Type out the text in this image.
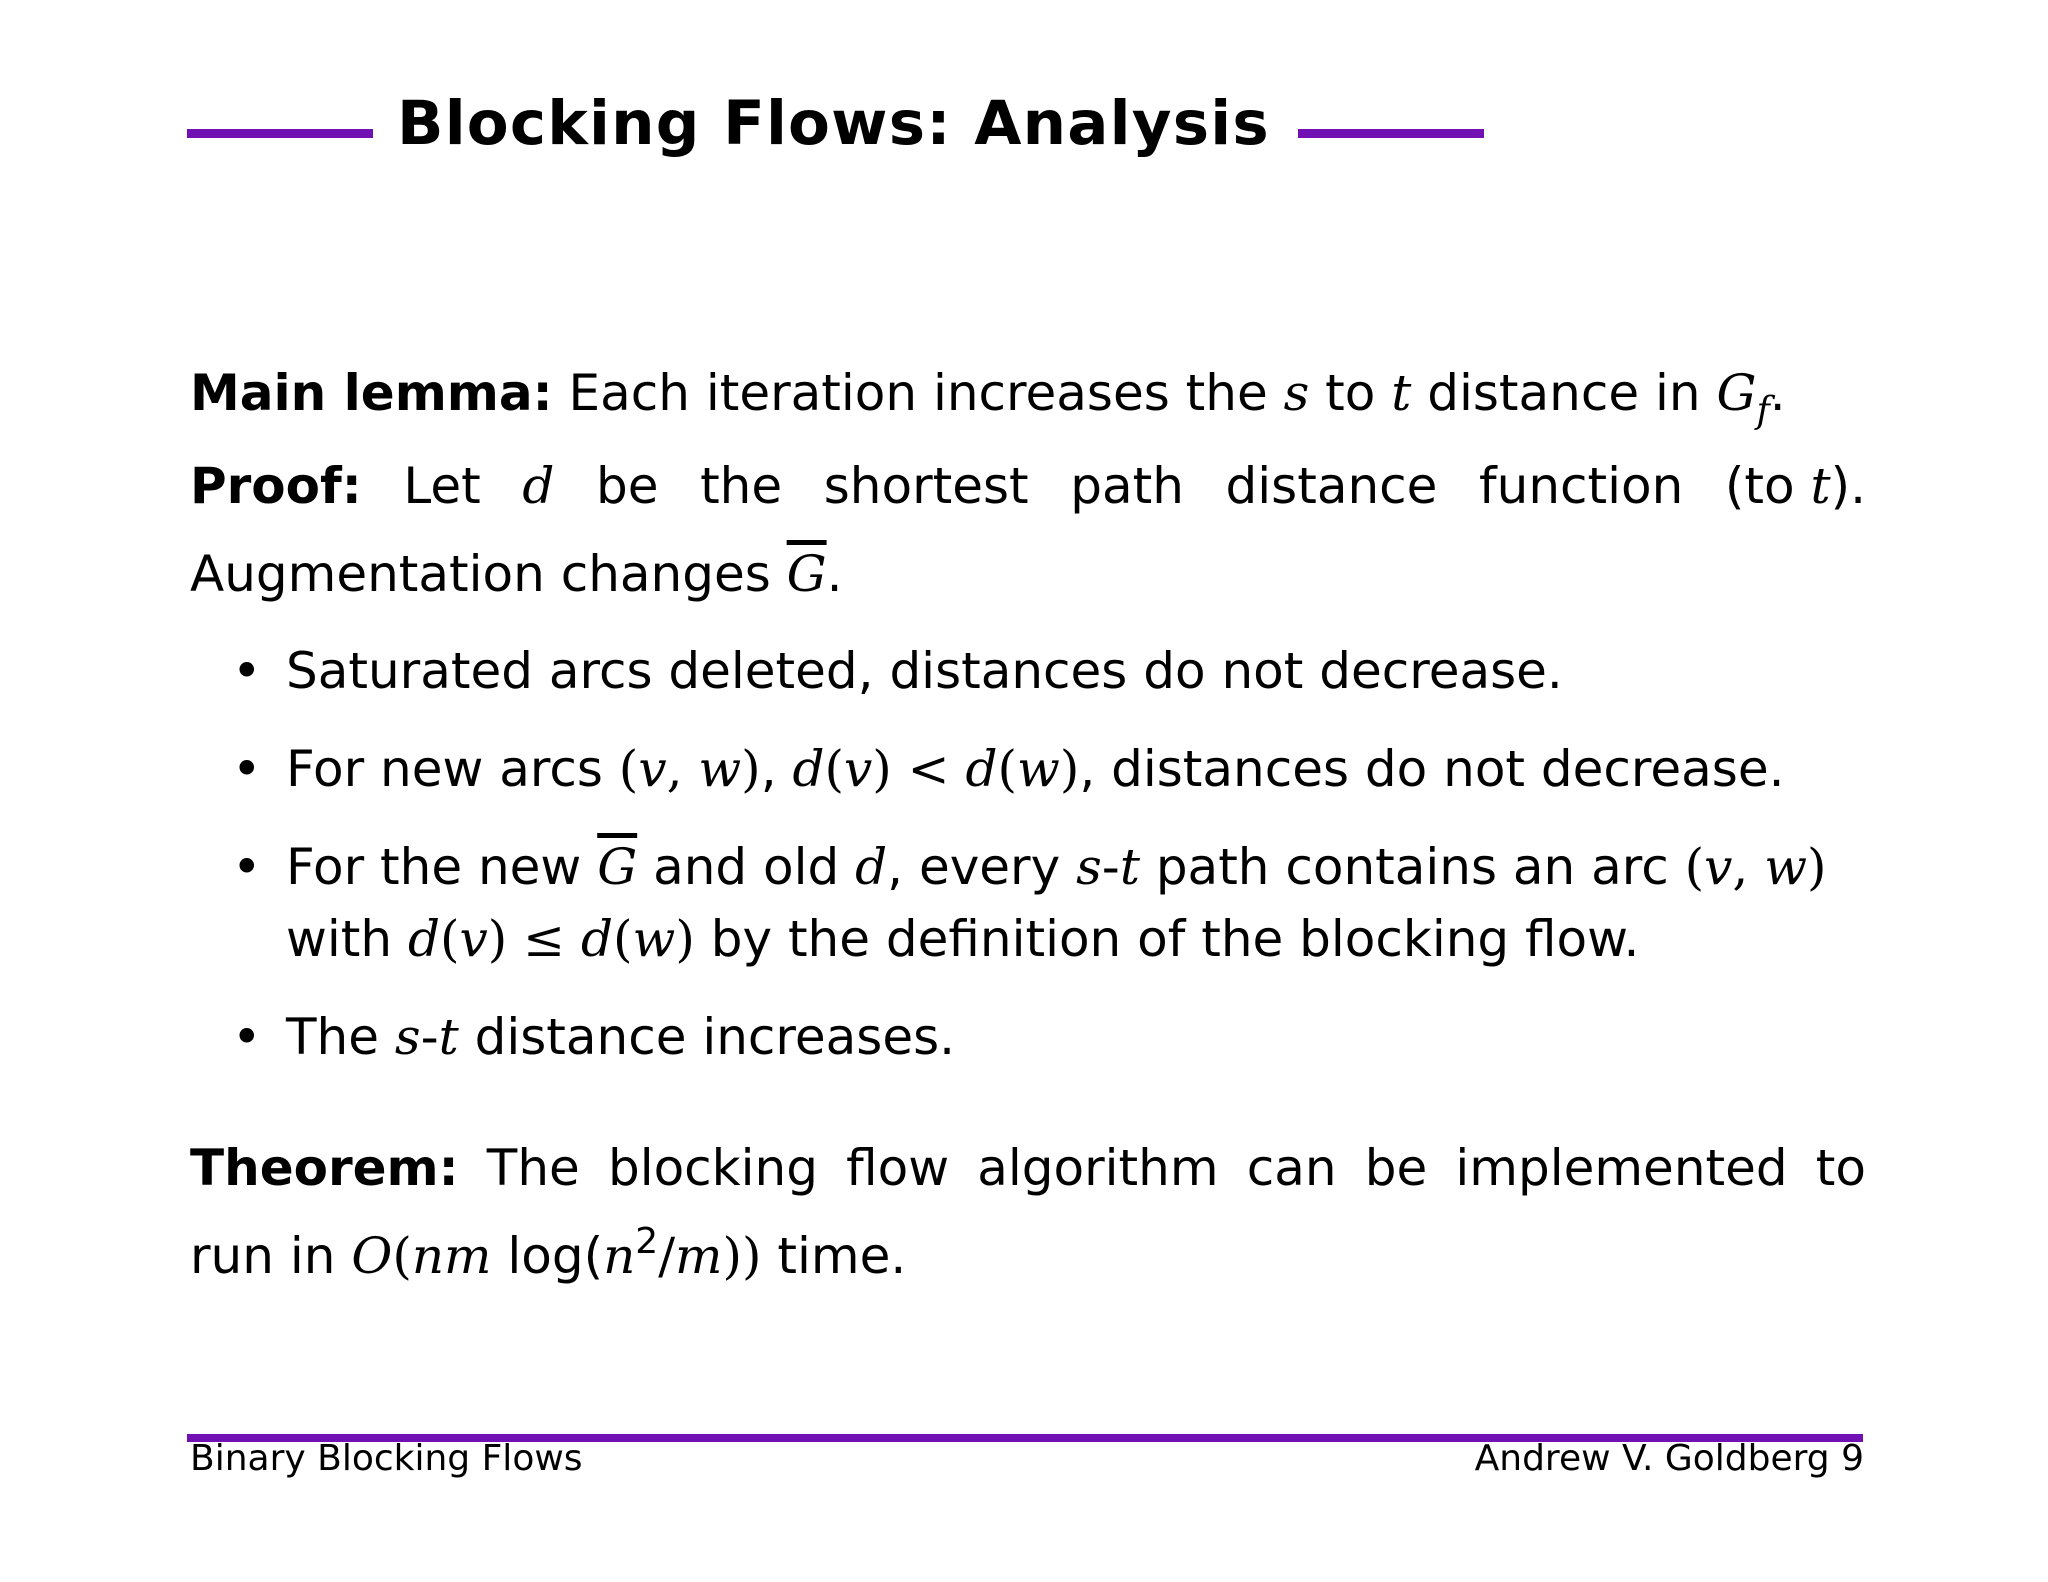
Blocking Flows: Analysis
Main lemma: Each iteration increases the s to t distance in $G_f$.
Proof: Let d be the shortest path distance function (to t).
Augmentation changes $\overline{G}$.
• Saturated arcs deleted, distances do not decrease.
• For new arcs (v, w), d(v) < d(w), distances do not decrease.
• For the new $\overline{G}$ and old d, every s-t path contains an arc (v, w)
with d(v) ≤ d(w) by the definition of the blocking flow.
• The s-t distance increases.
Theorem: The blocking flow algorithm can be implemented to
run in O(nm $\log(n^2/m)$) time.
Binary Blocking Flows	Andrew V. Goldberg 9
